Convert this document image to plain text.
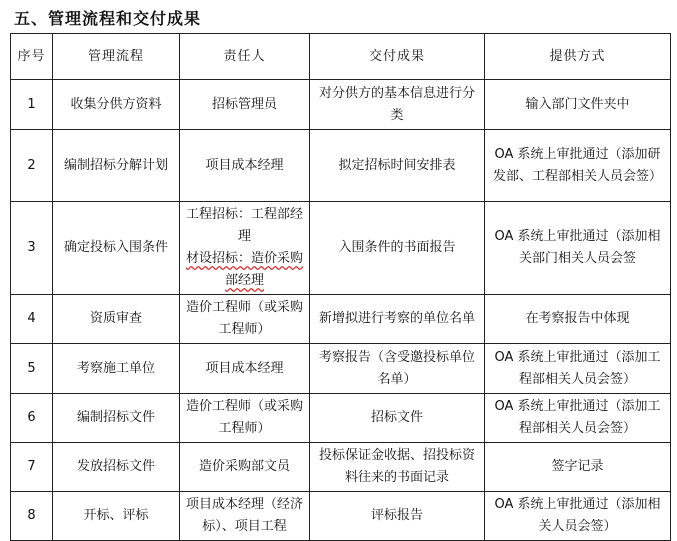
五、管理流程和交付成果
序号	管理流程	责任人	交付成果	提供方式
1	收集分供方资料	招标管理员	对分供方的基本信息进行分类	输入部门文件夹中
2	编制招标分解计划	项目成本经理	拟定招标时间安排表	OA 系统上审批通过（添加研发部、工程部相关人员会签）
3	确定投标入围条件	工程招标：工程部经理
材设招标：造价采购部经理	入围条件的书面报告	OA 系统上审批通过（添加相关部门相关人员会签
4	资质审查	造价工程师（或采购工程师）	新增拟进行考察的单位名单	在考察报告中体现
5	考察施工单位	项目成本经理	考察报告（含受邀投标单位名单）	OA 系统上审批通过（添加工程部相关人员会签）
6	编制招标文件	造价工程师（或采购工程师）	招标文件	OA 系统上审批通过（添加工程部相关人员会签）
7	发放招标文件	造价采购部文员	投标保证金收据、招投标资料往来的书面记录	签字记录
8	开标、评标	项目成本经理（经济标）、项目工程	评标报告	OA 系统上审批通过（添加相关人员会签）
